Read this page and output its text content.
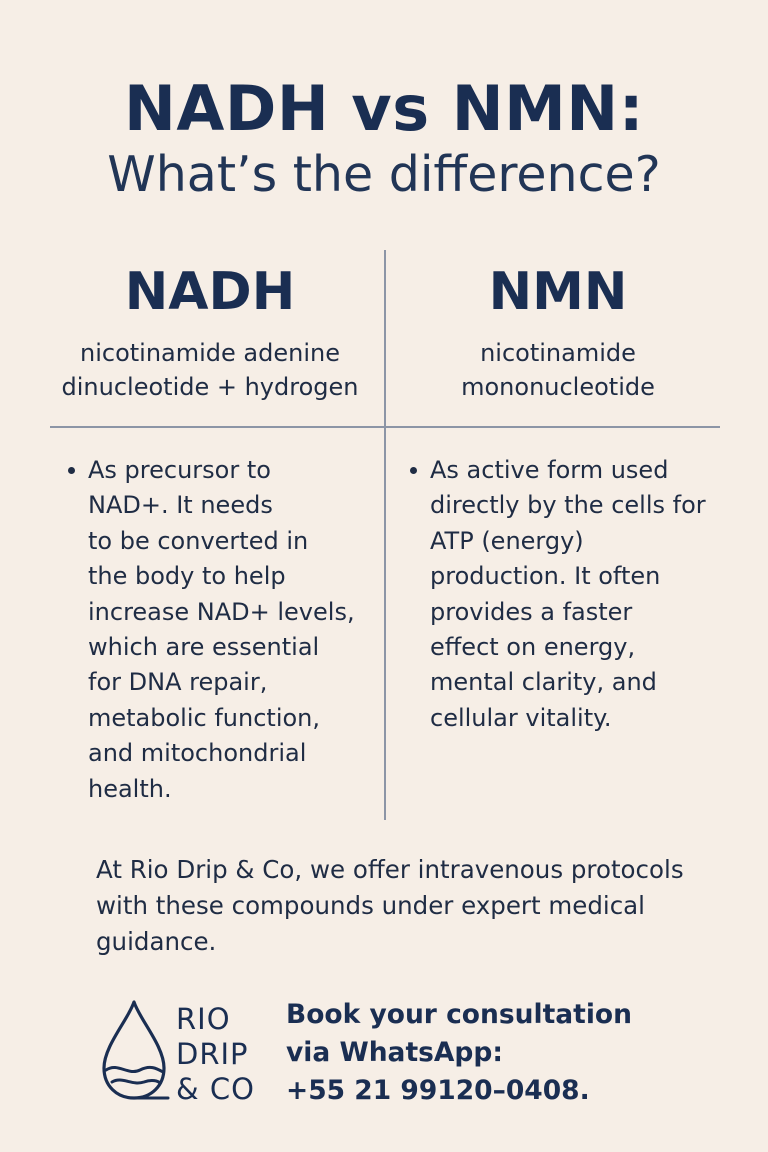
NADH vs NMN:
What’s the difference?
NADH	NMN
nicotinamide adenine
dinucleotide + hydrogen
nicotinamide
mononucleotide
As precursor to
NAD+. It needs
to be converted in
the body to help
increase NAD+ levels,
which are essential
for DNA repair,
metabolic function,
and mitochondrial
health.
As active form used
directly by the cells for
ATP (energy)
production. It often
provides a faster
effect on energy,
mental clarity, and
cellular vitality.
At Rio Drip & Co, we offer intravenous protocols
with these compounds under expert medical
guidance.
RIO
DRIP
& CO
Book your consultation
via WhatsApp:
+55 21 99120–0408.
